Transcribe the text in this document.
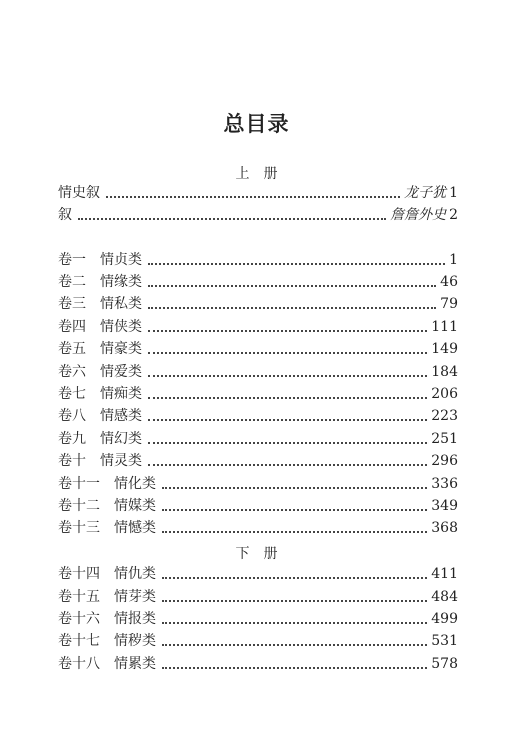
总目录
上　册
情史叙	龙子犹 1
叙	詹詹外史 2
卷一 情贞类	1
卷二 情缘类	46
卷三 情私类	79
卷四 情侠类	111
卷五 情豪类	149
卷六 情爱类	184
卷七 情痴类	206
卷八 情感类	223
卷九 情幻类	251
卷十 情灵类	296
卷十一 情化类	336
卷十二 情媒类	349
卷十三 情憾类	368
下　册
卷十四 情仇类	411
卷十五 情芽类	484
卷十六 情报类	499
卷十七 情秽类	531
卷十八 情累类	578
